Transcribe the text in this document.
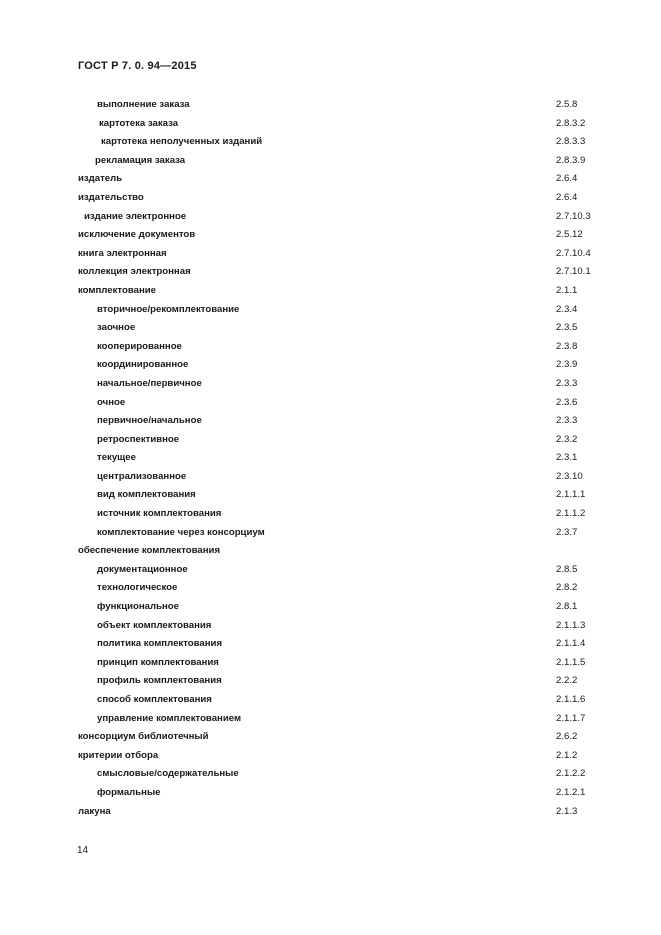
ГОСТ Р 7. 0. 94—2015
выполнение заказа	2.5.8
картотека заказа	2.8.3.2
картотека неполученных изданий	2.8.3.3
рекламация заказа	2.8.3.9
издатель	2.6.4
издательство	2.6.4
издание электронное	2.7.10.3
исключение документов	2.5.12
книга электронная	2.7.10.4
коллекция электронная	2.7.10.1
комплектование	2.1.1
вторичное/рекомплектование	2.3.4
заочное	2.3.5
кооперированное	2.3.8
координированное	2.3.9
начальное/первичное	2.3.3
очное	2.3.6
первичное/начальное	2.3.3
ретроспективное	2.3.2
текущее	2.3.1
централизованное	2.3.10
вид комплектования	2.1.1.1
источник комплектования	2.1.1.2
комплектование через консорциум	2.3.7
обеспечение комплектования
документационное	2.8.5
технологическое	2.8.2
функциональное	2.8.1
объект комплектования	2.1.1.3
политика комплектования	2.1.1.4
принцип комплектования	2.1.1.5
профиль комплектования	2.2.2
способ комплектования	2.1.1.6
управление комплектованием	2.1.1.7
консорциум библиотечный	2.6.2
критерии отбора	2.1.2
смысловые/содержательные	2.1.2.2
формальные	2.1.2.1
лакуна	2.1.3
14
